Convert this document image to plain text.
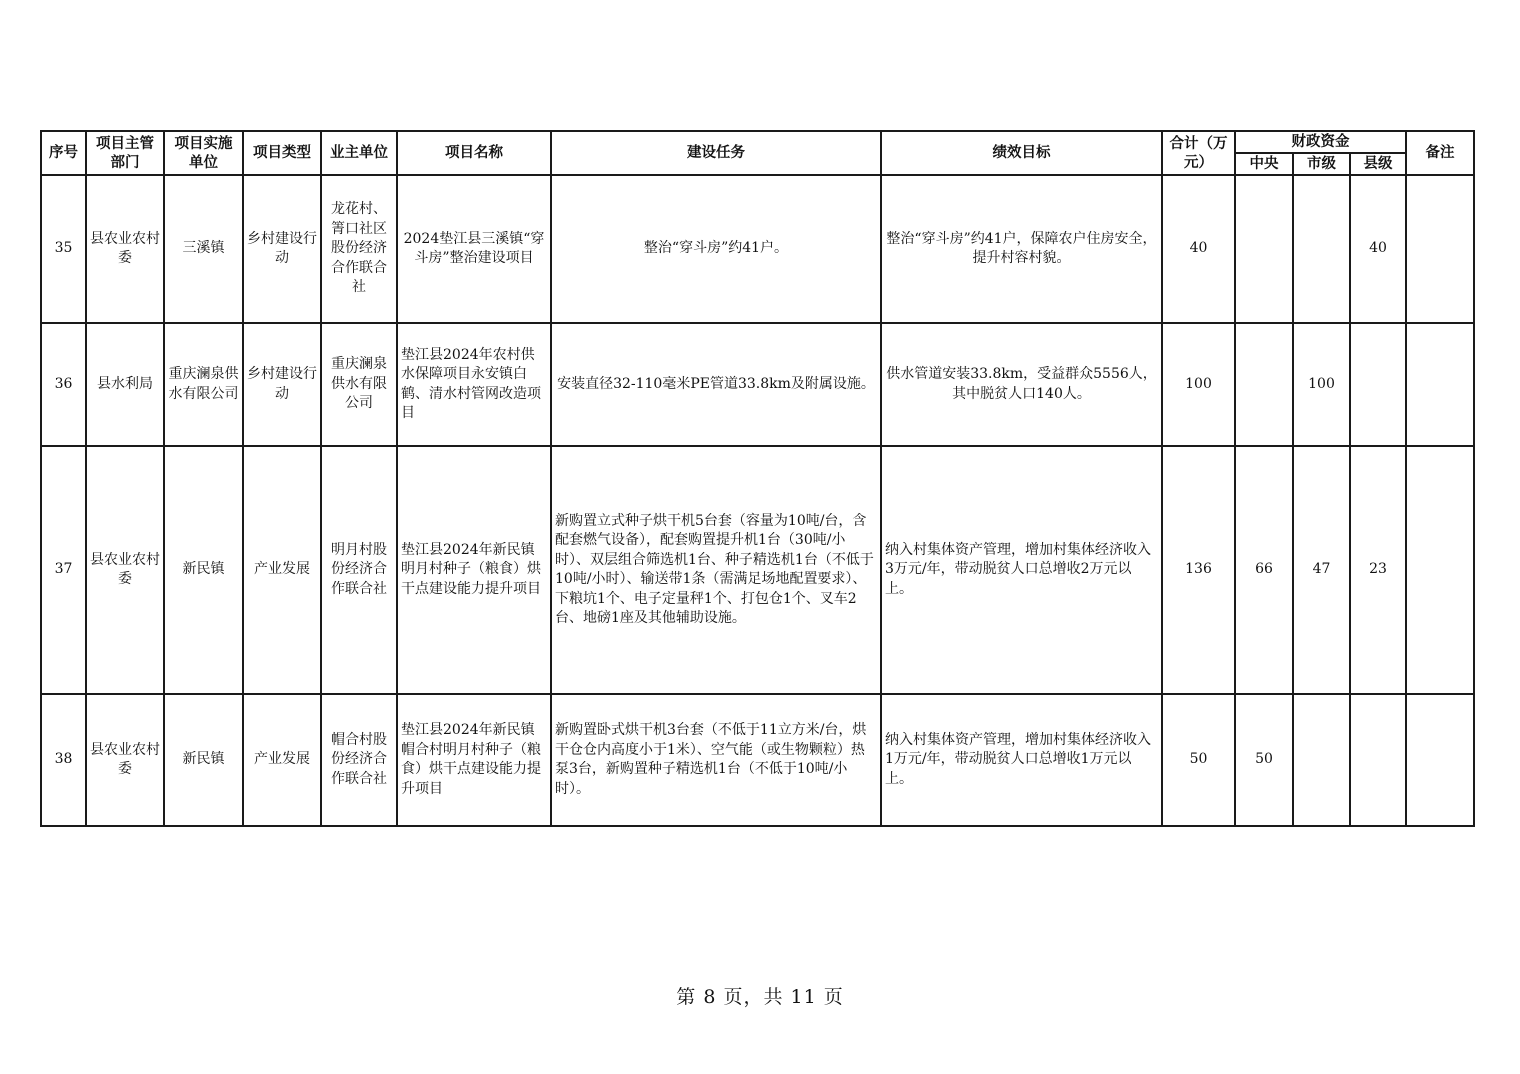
序号	项目主管部门	项目实施单位	项目类型	业主单位	项目名称	建设任务	绩效目标	合计（万元）	财政资金			备注
									中央	市级	县级	
35	县农业农村委	三溪镇	乡村建设行动	龙花村、箐口社区股份经济合作联合社	2024垫江县三溪镇“穿斗房”整治建设项目	整治“穿斗房”约41户。	整治“穿斗房”约41户，保障农户住房安全，提升村容村貌。	40			40	
36	县水利局	重庆澜泉供水有限公司	乡村建设行动	重庆澜泉供水有限公司	垫江县2024年农村供水保障项目永安镇白鹤、清水村管网改造项目	安装直径32-110毫米PE管道33.8km及附属设施。	供水管道安装33.8km，受益群众5556人，其中脱贫人口140人。	100		100		
37	县农业农村委	新民镇	产业发展	明月村股份经济合作联合社	垫江县2024年新民镇明月村种子（粮食）烘干点建设能力提升项目	新购置立式种子烘干机5台套（容量为10吨/台，含配套燃气设备），配套购置提升机1台（30吨/小时）、双层组合筛选机1台、种子精选机1台（不低于10吨/小时）、输送带1条（需满足场地配置要求）、下粮坑1个、电子定量秤1个、打包仓1个、叉车2台、地磅1座及其他辅助设施。	纳入村集体资产管理，增加村集体经济收入3万元/年，带动脱贫人口总增收2万元以上。	136	66	47	23	
38	县农业农村委	新民镇	产业发展	帽合村股份经济合作联合社	垫江县2024年新民镇帽合村明月村种子（粮食）烘干点建设能力提升项目	新购置卧式烘干机3台套（不低于11立方米/台，烘干仓仓内高度小于1米）、空气能（或生物颗粒）热泵3台，新购置种子精选机1台（不低于10吨/小时）。	纳入村集体资产管理，增加村集体经济收入1万元/年，带动脱贫人口总增收1万元以上。	50	50			
第 8 页，共 11 页
